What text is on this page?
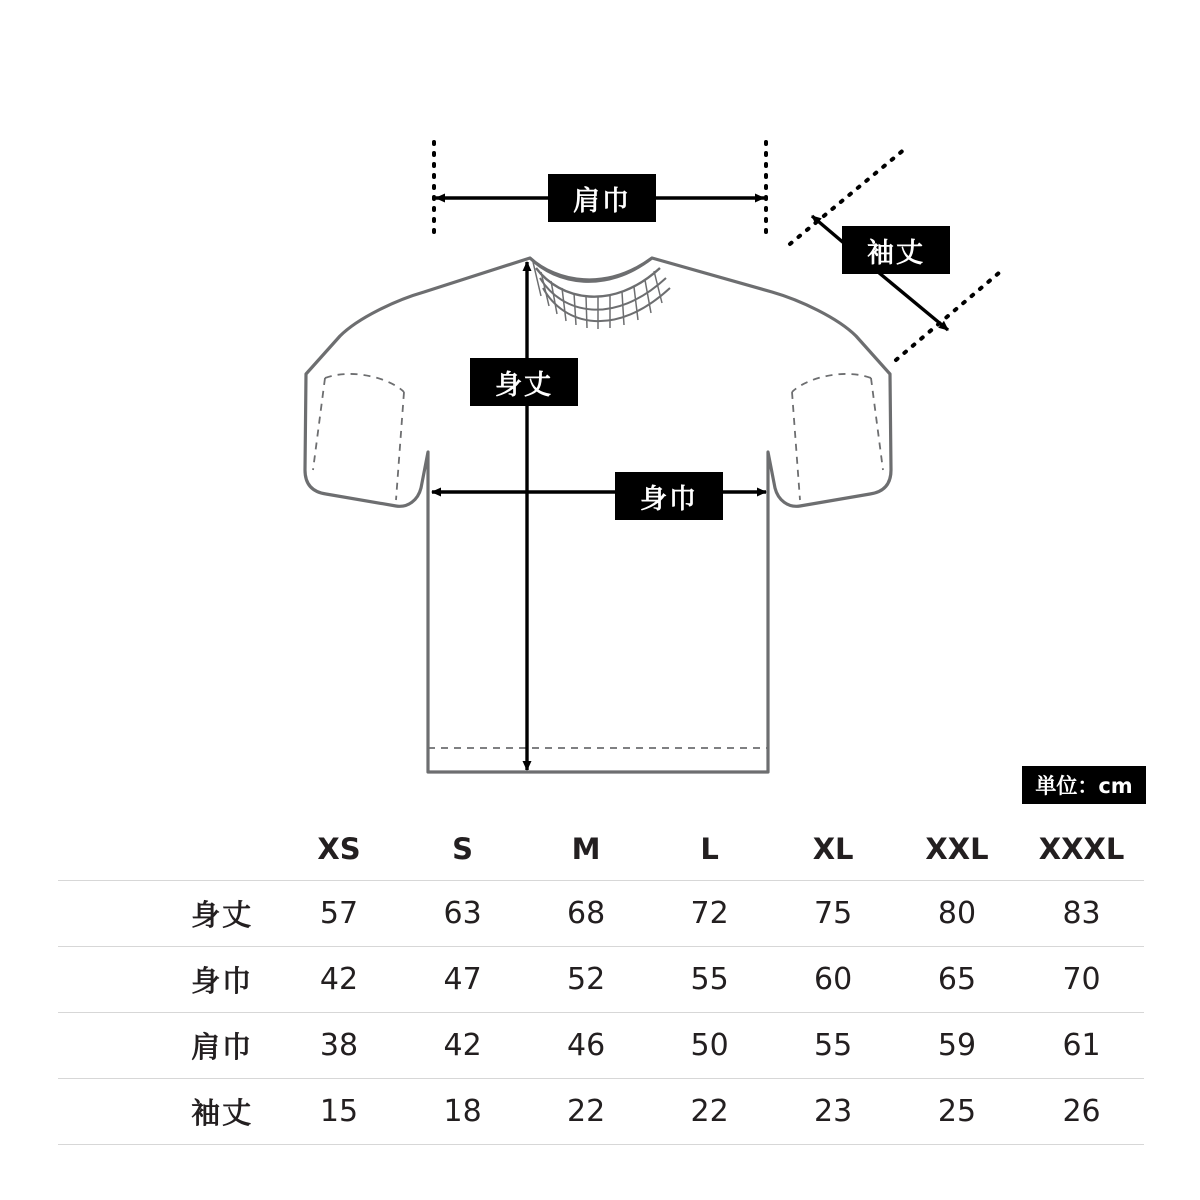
肩巾
袖丈
身丈
身巾
単位：cm
	XS	S	M	L	XL	XXL	XXXL
身丈	57	63	68	72	75	80	83
身巾	42	47	52	55	60	65	70
肩巾	38	42	46	50	55	59	61
袖丈	15	18	22	22	23	25	26
